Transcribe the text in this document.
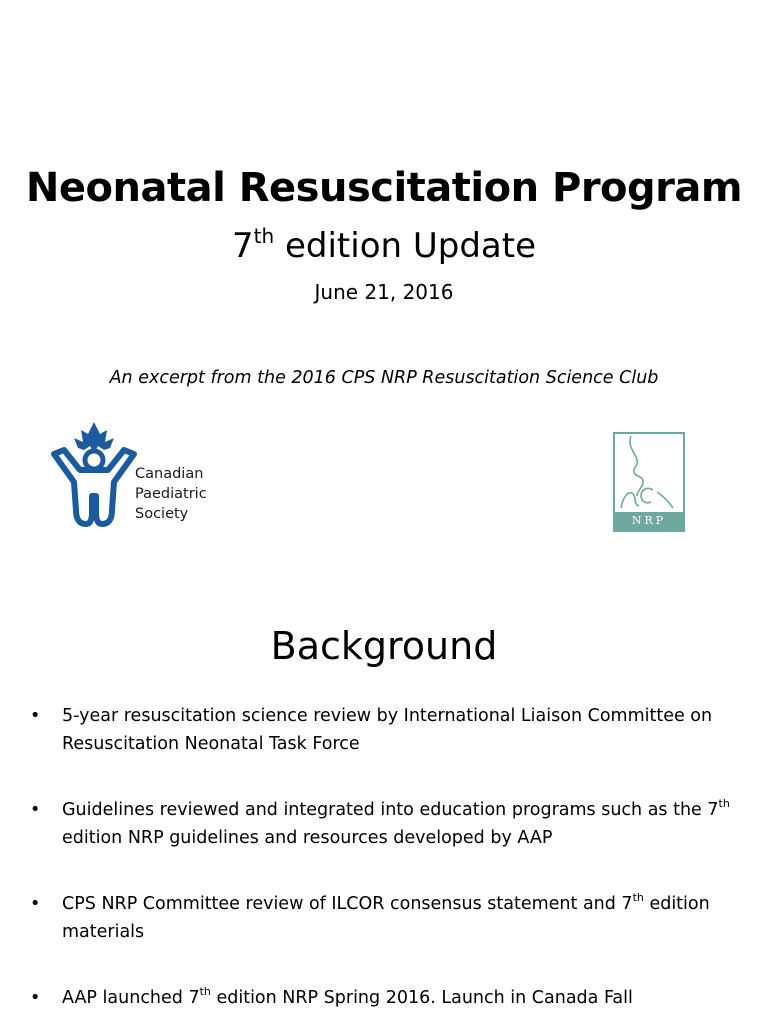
Neonatal Resuscitation Program
7th edition Update
June 21, 2016
An excerpt from the 2016 CPS NRP Resuscitation Science Club
Canadian
Paediatric
Society	NRP
Background
• 5-year resuscitation science review by International Liaison Committee on Resuscitation Neonatal Task Force
• Guidelines reviewed and integrated into education programs such as the 7th edition NRP guidelines and resources developed by AAP
• CPS NRP Committee review of ILCOR consensus statement and 7th edition materials
• AAP launched 7th edition NRP Spring 2016. Launch in Canada Fall
